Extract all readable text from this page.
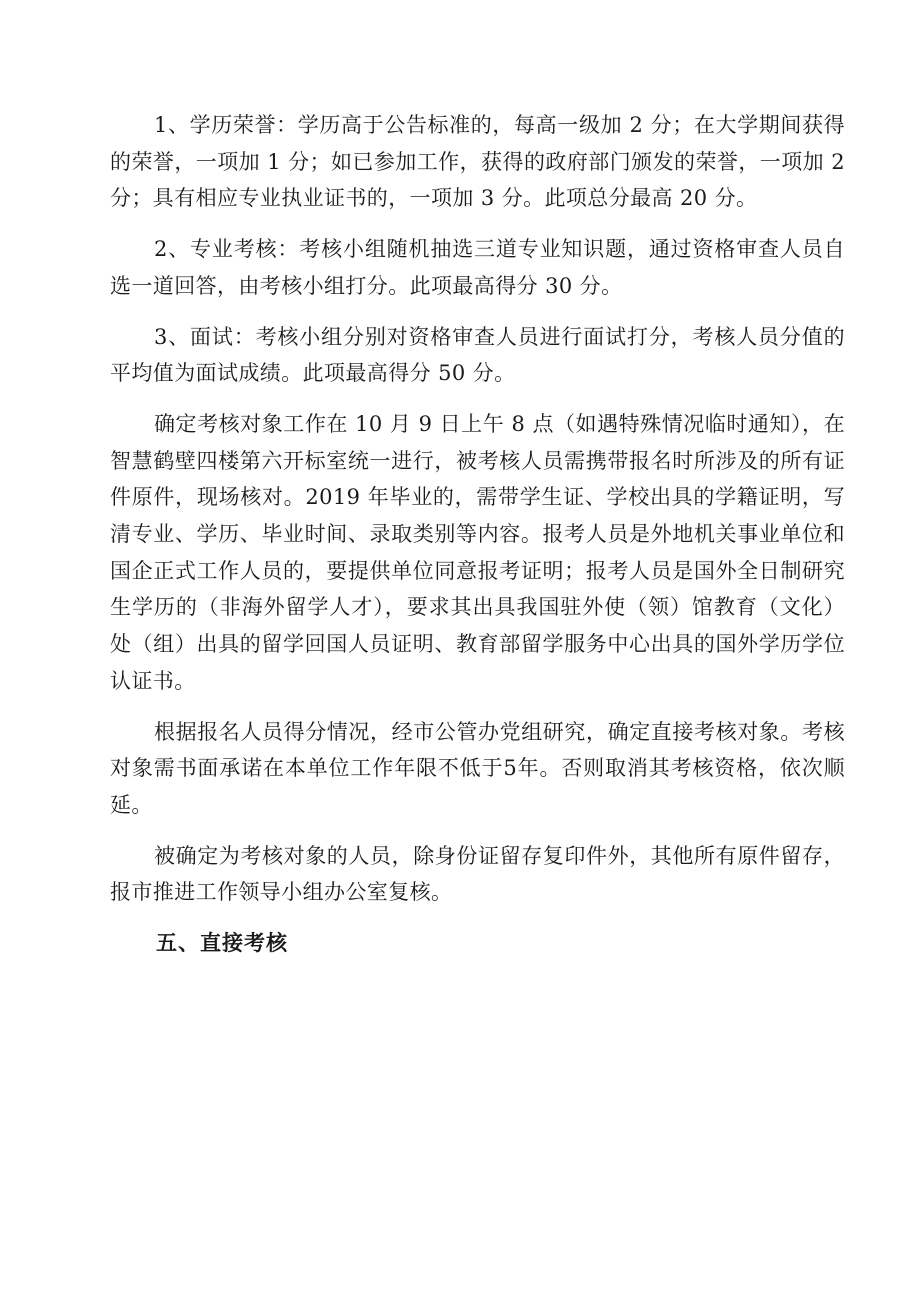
1、学历荣誉：学历高于公告标准的，每高一级加 2 分；在大学期间获得的荣誉，一项加 1 分；如已参加工作，获得的政府部门颁发的荣誉，一项加 2 分；具有相应专业执业证书的，一项加 3 分。此项总分最高 20 分。

2、专业考核：考核小组随机抽选三道专业知识题，通过资格审查人员自选一道回答，由考核小组打分。此项最高得分 30 分。

3、面试：考核小组分别对资格审查人员进行面试打分，考核人员分值的平均值为面试成绩。此项最高得分 50 分。

确定考核对象工作在 10 月 9 日上午 8 点（如遇特殊情况临时通知），在智慧鹤壁四楼第六开标室统一进行，被考核人员需携带报名时所涉及的所有证件原件，现场核对。2019 年毕业的，需带学生证、学校出具的学籍证明，写清专业、学历、毕业时间、录取类别等内容。报考人员是外地机关事业单位和国企正式工作人员的，要提供单位同意报考证明；报考人员是国外全日制研究生学历的（非海外留学人才），要求其出具我国驻外使（领）馆教育（文化）处（组）出具的留学回国人员证明、教育部留学服务中心出具的国外学历学位认证书。

根据报名人员得分情况，经市公管办党组研究，确定直接考核对象。考核对象需书面承诺在本单位工作年限不低于5年。否则取消其考核资格，依次顺延。

被确定为考核对象的人员，除身份证留存复印件外，其他所有原件留存，报市推进工作领导小组办公室复核。

五、直接考核
